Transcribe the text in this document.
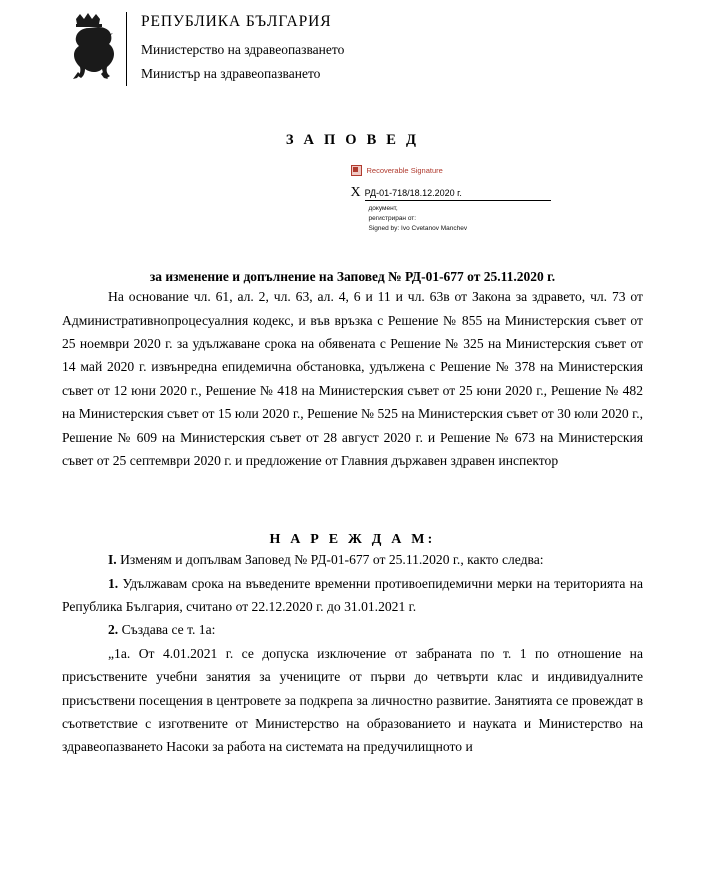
РЕПУБЛИКА БЪЛГАРИЯ
Министерство на здравеопазването
Министър на здравеопазването
З А П О В Е Д
Recoverable Signature
X РД-01-718/18.12.2020 г.
документ,
регистриран от:
Signed by: Ivo Cvetanov Manchev
за изменение и допълнение на Заповед № РД-01-677 от 25.11.2020 г.

На основание чл. 61, ал. 2, чл. 63, ал. 4, 6 и 11 и чл. 63в от Закона за здравето, чл. 73 от Административнопроцесуалния кодекс, и във връзка с Решение № 855 на Министерския съвет от 25 ноември 2020 г. за удължаване срока на обявената с Решение № 325 на Министерския съвет от 14 май 2020 г. извънредна епидемична обстановка, удължена с Решение № 378 на Министерския съвет от 12 юни 2020 г., Решение № 418 на Министерския съвет от 25 юни 2020 г., Решение № 482 на Министерския съвет от 15 юли 2020 г., Решение № 525 на Министерския съвет от 30 юли 2020 г., Решение № 609 на Министерския съвет от 28 август 2020 г. и Решение № 673 на Министерския съвет от 25 септември 2020 г. и предложение от Главния държавен здравен инспектор

Н А Р Е Ж Д А М:

I. Изменям и допълвам Заповед № РД-01-677 от 25.11.2020 г., както следва:

1. Удължавам срока на въведените временни противоепидемични мерки на територията на Република България, считано от 22.12.2020 г. до 31.01.2021 г.

2. Създава се т. 1а:

„1а. От 4.01.2021 г. се допуска изключение от забраната по т. 1 по отношение на присъствените учебни занятия за учениците от първи до четвърти клас и индивидуалните присъствени посещения в центровете за подкрепа за личностно развитие. Занятията се провеждат в съответствие с изготвените от Министерство на образованието и науката и Министерство на здравеопазването Насоки за работа на системата на предучилищното и
